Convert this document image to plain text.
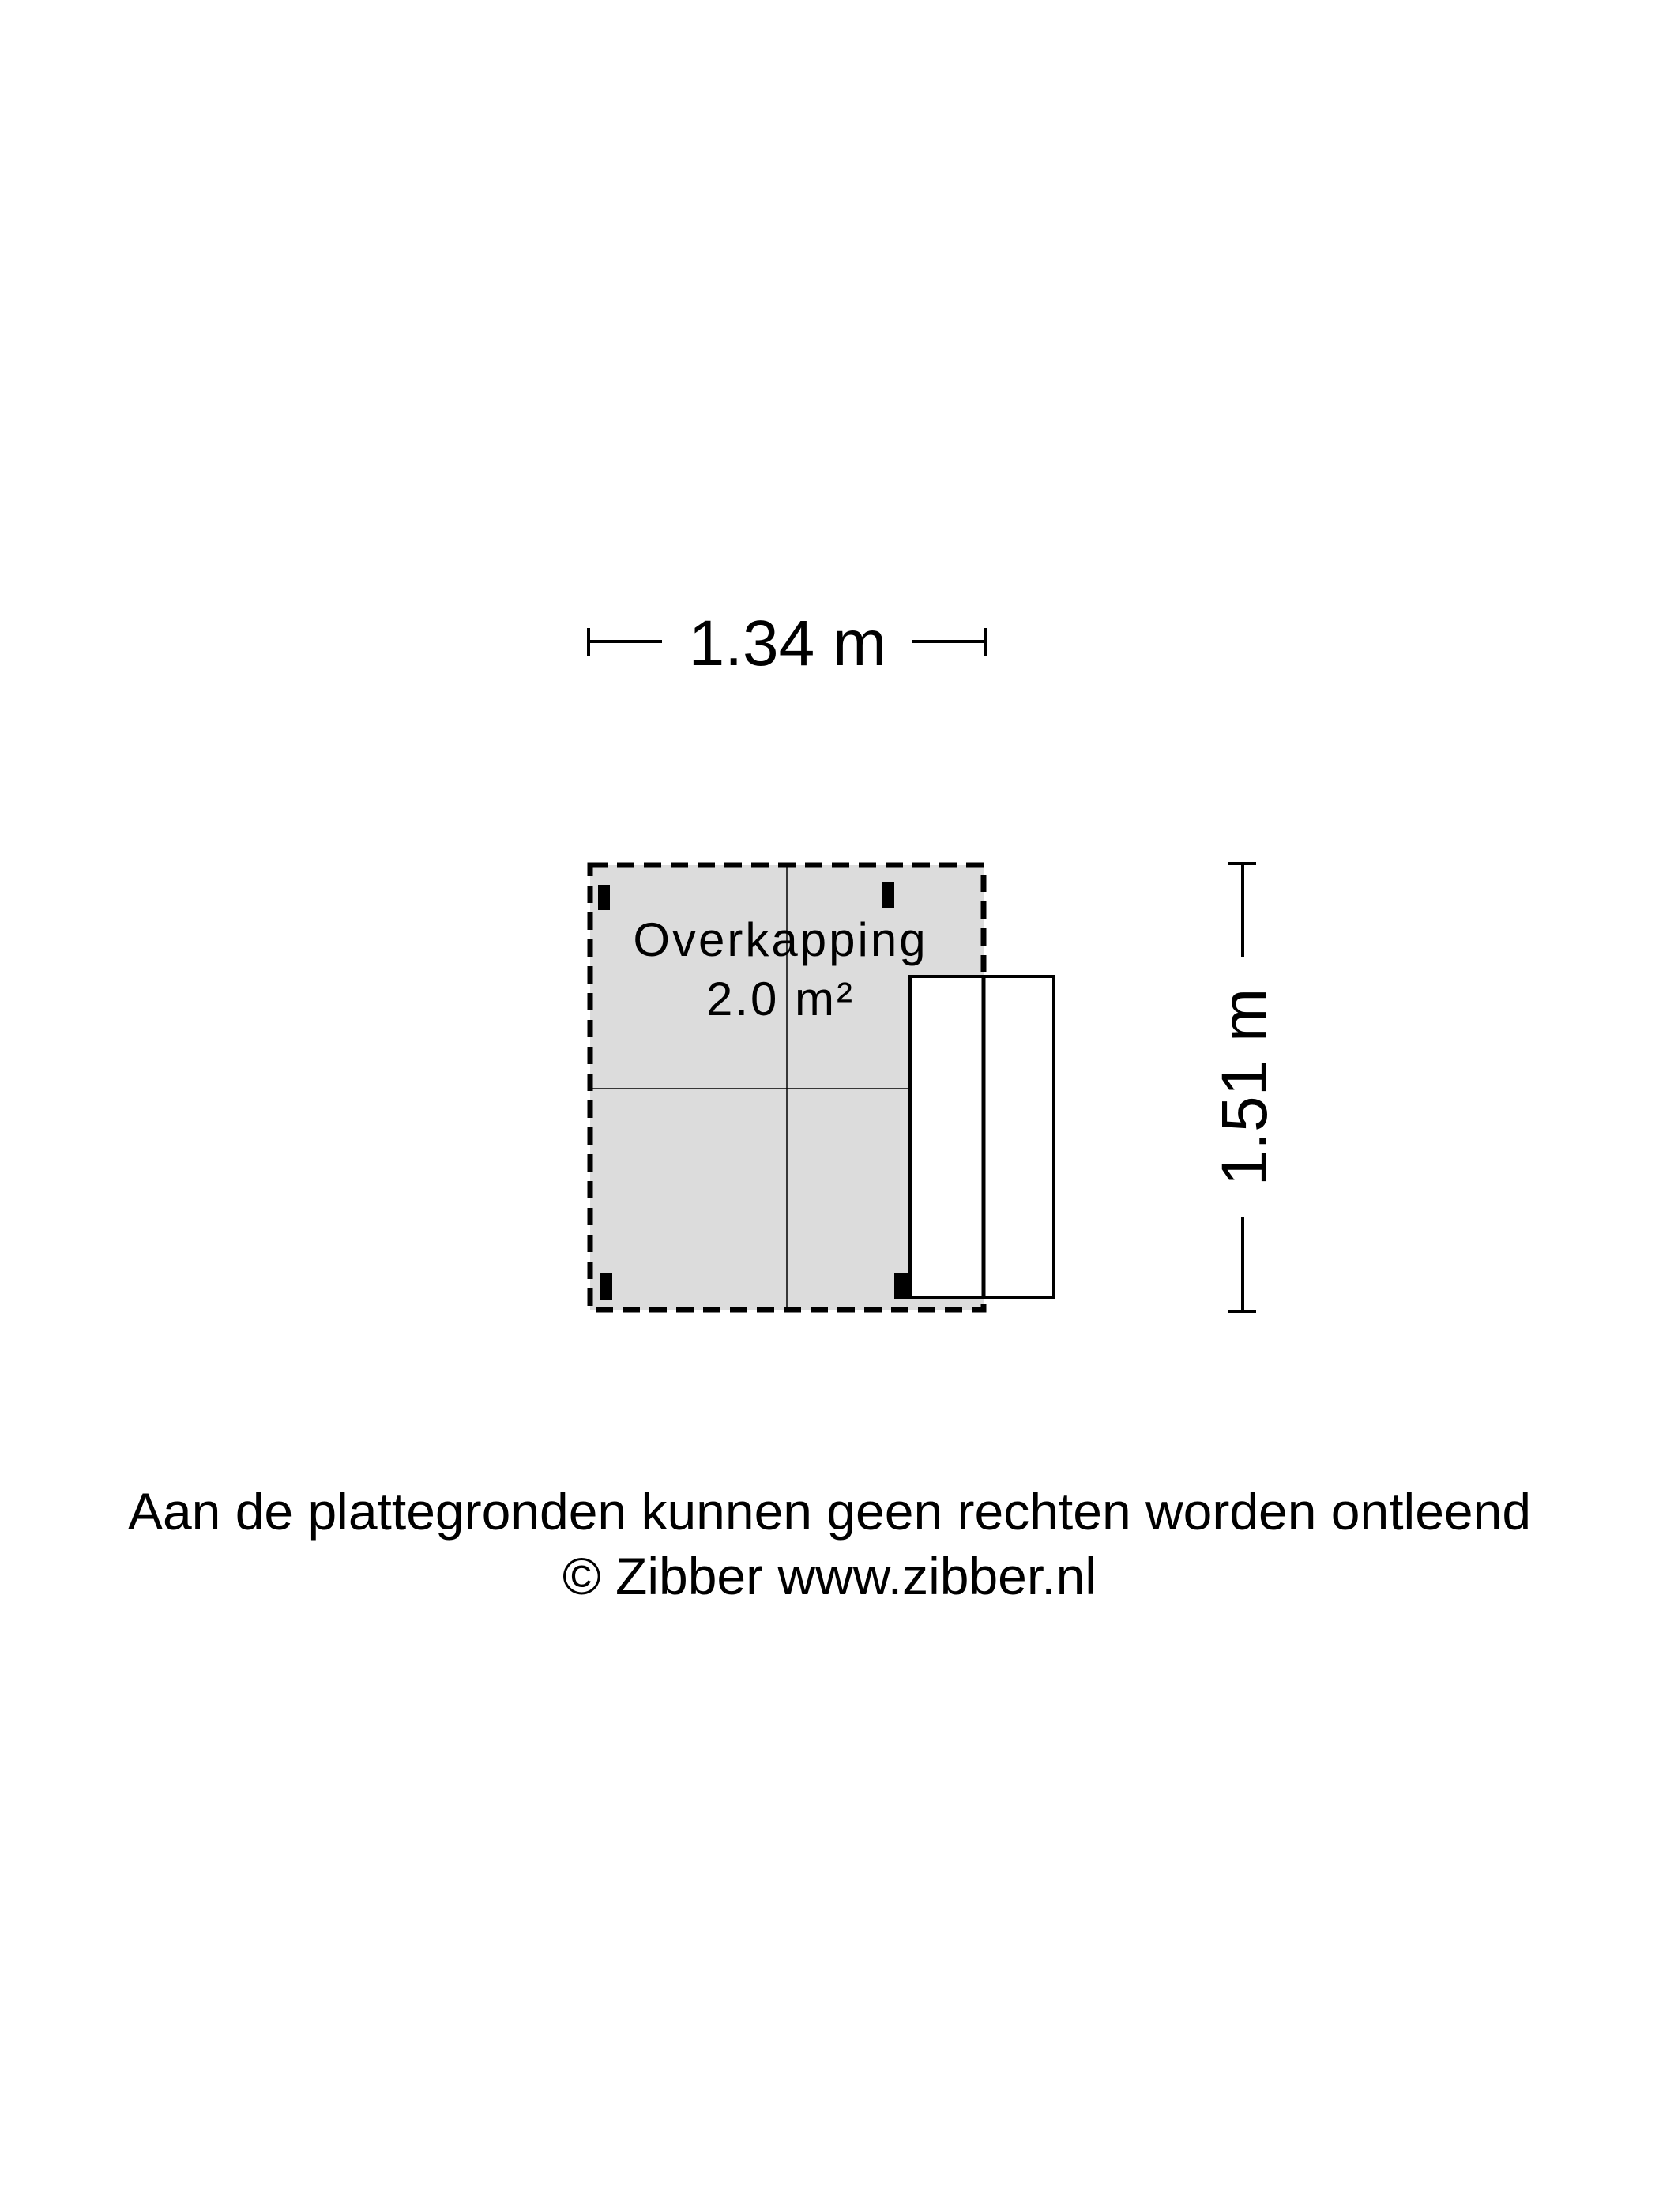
1.34 m
1.51 m
Overkapping
2.0 m²
Aan de plattegronden kunnen geen rechten worden ontleend
© Zibber www.zibber.nl
